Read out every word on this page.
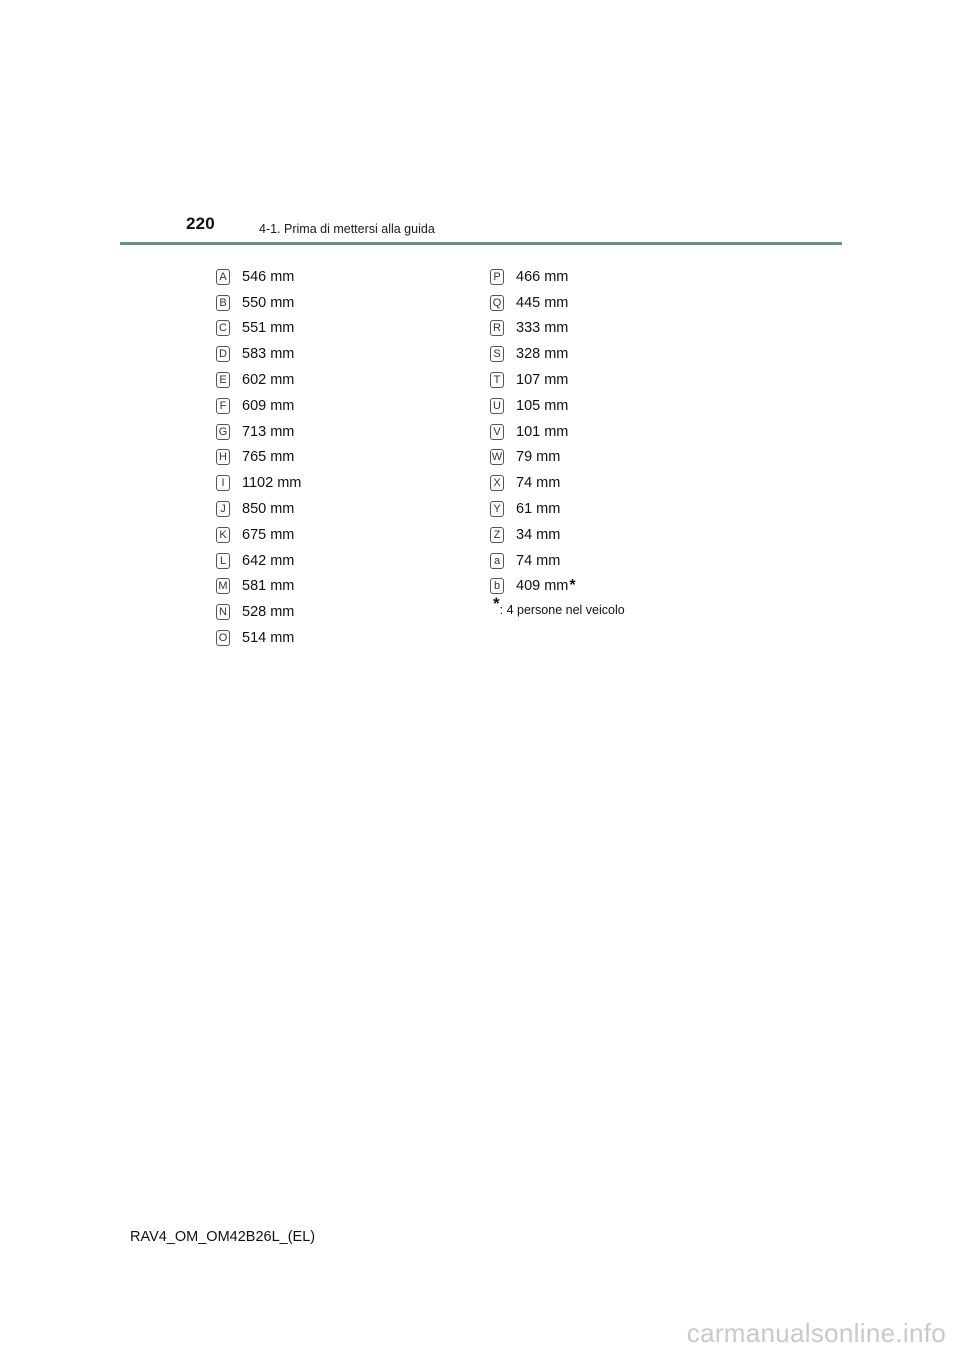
220	4-1. Prima di mettersi alla guida
A 546 mm
B 550 mm
C 551 mm
D 583 mm
E 602 mm
F 609 mm
G 713 mm
H 765 mm
I	1102 mm
J 850 mm
K 675 mm
L 642 mm
M 581 mm
N 528 mm
O 514 mm
P 466 mm
Q 445 mm
R 333 mm
S 328 mm
T 107 mm
U 105 mm
V 101 mm
W 79 mm
X 74 mm
Y 61 mm
Z 34 mm
a 74 mm
b 409 mm *
* : 4 persone nel veicolo
RAV4_OM_OM42B26L_(EL)
carmanualsonline.info
